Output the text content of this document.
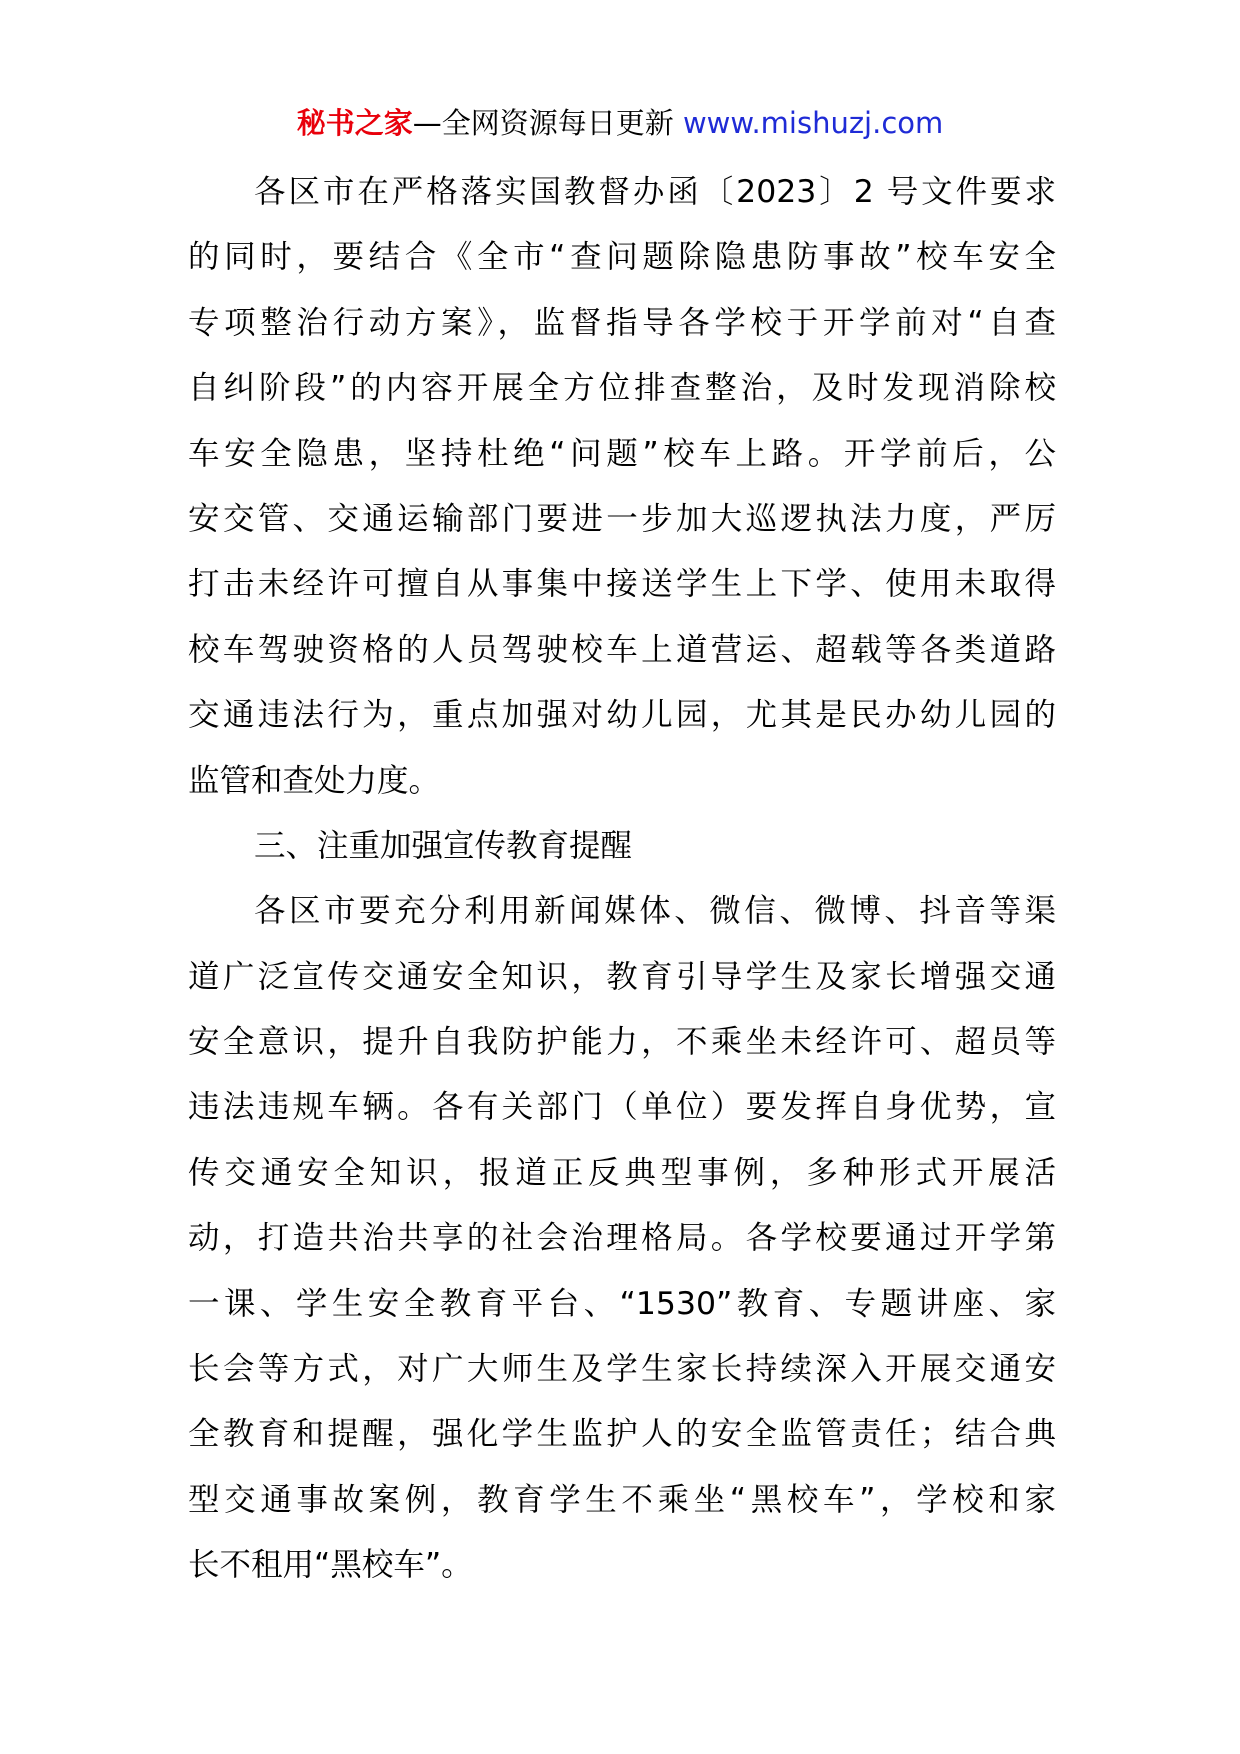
秘书之家—全网资源每日更新 www.mishuzj.com
各区市在严格落实国教督办函〔2023〕2 号文件要求
的同时，要结合《全市“查问题除隐患防事故”校车安全
专项整治行动方案》，监督指导各学校于开学前对“自查
自纠阶段”的内容开展全方位排查整治，及时发现消除校
车安全隐患，坚持杜绝“问题”校车上路。开学前后，公
安交管、交通运输部门要进一步加大巡逻执法力度，严厉
打击未经许可擅自从事集中接送学生上下学、使用未取得
校车驾驶资格的人员驾驶校车上道营运、超载等各类道路
交通违法行为，重点加强对幼儿园，尤其是民办幼儿园的
监管和查处力度。
三、注重加强宣传教育提醒
各区市要充分利用新闻媒体、微信、微博、抖音等渠
道广泛宣传交通安全知识，教育引导学生及家长增强交通
安全意识，提升自我防护能力，不乘坐未经许可、超员等
违法违规车辆。各有关部门（单位）要发挥自身优势，宣
传交通安全知识，报道正反典型事例，多种形式开展活
动，打造共治共享的社会治理格局。各学校要通过开学第
一课、学生安全教育平台、“1530”教育、专题讲座、家
长会等方式，对广大师生及学生家长持续深入开展交通安
全教育和提醒，强化学生监护人的安全监管责任；结合典
型交通事故案例，教育学生不乘坐“黑校车”，学校和家
长不租用“黑校车”。
